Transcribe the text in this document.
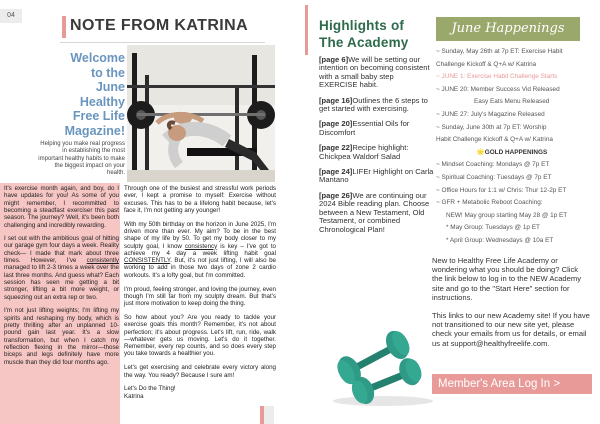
04
NOTE FROM KATRINA
Welcome
to the
June
Healthy
Free Life
Magazine!
Helping you make real progress in establishing the most important healthy habits to make the biggest impact on your health.

It's exercise month again, and boy, do I have updates for you! As some of you might remember, I recommitted to becoming a steadfast exerciser this past season. The journey? Well, it's been both challenging and incredibly rewarding.

I set out with the ambitious goal of hitting our garage gym four days a week. Reality check— I made that mark about three times. However, I've consistently managed to lift 2-3 times a week over the last three months. And guess what? Each session has seen me getting a bit stronger, lifting a bit more weight, or squeezing out an extra rep or two.

I'm not just lifting weights; I'm lifting my spirits and reshaping my body, which is pretty thrilling after an unplanned 10-pound gain last year. It's a slow transformation, but when I catch my reflection flexing in the mirror—those biceps and legs definitely have more muscle than they did four months ago.

Through one of the busiest and stressful work periods ever, I kept a promise to myself: Exercise without excuses. This has to be a lifelong habit because, let's face it, I'm not getting any younger!

With my 50th birthday on the horizon in June 2025, I'm driven more than ever. My aim? To be in the best shape of my life by 50. To get my body closer to my sculpty goal, I know consistency is key – I've got to achieve my 4 day a week lifting habit goal CONSISTENTLY. But, it's not just lifting, I will also be working to add in those two days of zone 2 cardio workouts. It's a lofty goal, but I'm committed.

I'm proud, feeling stronger, and loving the journey, even though I'm still far from my sculpty dream. But that's just more motivation to keep doing the thing.

So how about you? Are you ready to tackle your exercise goals this month? Remember, it's not about perfection; it's about progress. Let's lift, run, ride, walk—whatever gets us moving. Let's do it together. Remember, every rep counts, and so does every step you take towards a healthier you.

Let's get exercising and celebrate every victory along the way. You ready? Because I sure am!

Let's Do the Thing!
Katrina

Highlights of
The Academy
[page 6]We will be setting our intention on becoming consistent with a small baby step EXERCISE habit.
[page 16]Outlines the 6 steps to get started with exercising.
[page 20]Essential Oils for Discomfort
[page 22]Recipe highlight: Chickpea Waldorf Salad
[page 24]LIFEr Highlight on Carla Mantano
[page 26]We are continuing our 2024 Bible reading plan. Choose between a New Testament, Old Testament, or combined Chronological Plan!
June Happenings
~ Sunday, May 26th at 7p ET: Exercise Habit
Challenge Kickoff & Q+A w/ Katrina
~ JUNE 1: Exercise Habit Challenge Starts
~ JUNE 20: Member Success Vid Released
Easy Eats Menu Released
~ JUNE 27: July's Magazine Released
~ Sunday, June 30th at 7p ET: Worship
Habit Challenge Kickoff & Q+A w/ Katrina
🌟GOLD HAPPENINGS
~ Mindset Coaching: Mondays @ 7p ET
~ Spiritual Coaching: Tuesdays @ 7p ET
~ Office Hours for 1:1 w/ Chris: Thur 12-2p ET
~ GFR + Metabolic Reboot Coaching:
NEW! May group starting May 28 @ 1p ET
* May Group: Tuesdays @ 1p ET
* April Group: Wednesdays @ 10a ET

New to Healthy Free Life Academy or wondering what you should be doing? Click the link below to log in to the NEW Academy site and go to the "Start Here" section for instructions.

This links to our new Academy site! If you have not transitioned to our new site yet, please check your emails from us for details, or email us at support@healthyfreelife.com.

Member's Area Log In >
